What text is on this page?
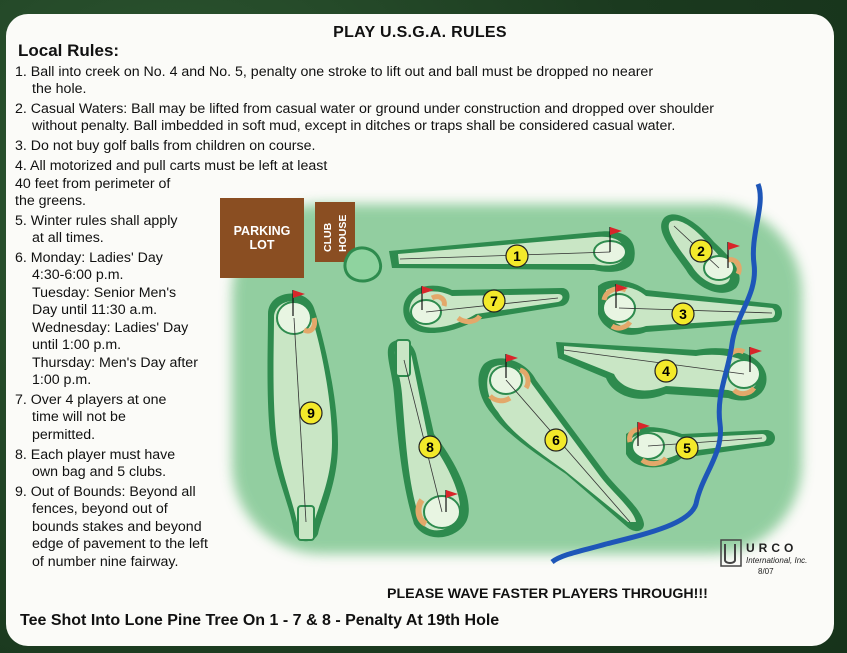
PLAY U.S.G.A. RULES
Local Rules:
1. Ball into creek on No. 4 and No. 5, penalty one stroke to lift out and ball must be dropped no nearer
the hole.
2. Casual Waters: Ball may be lifted from casual water or ground under construction and dropped over shoulder
without penalty. Ball imbedded in soft mud, except in ditches or traps shall be considered casual water.
3. Do not buy golf balls from children on course.
4. All motorized and pull carts must be left at least
40 feet from perimeter of
the greens.
5. Winter rules shall apply
at all times.
6. Monday: Ladies' Day
4:30-6:00 p.m.
Tuesday: Senior Men's
Day until 11:30 a.m.
Wednesday: Ladies' Day
until 1:00 p.m.
Thursday: Men's Day after
1:00 p.m.
7. Over 4 players at one
time will not be
permitted.
8. Each player must have
own bag and 5 clubs.
9. Out of Bounds: Beyond all
fences, beyond out of
bounds stakes and beyond
edge of pavement to the left
of number nine fairway.
PARKING
LOT	CLUB HOUSE
1	2
3
4
5
6
7
8
9
PLEASE WAVE FASTER PLAYERS THROUGH!!!
Tee Shot Into Lone Pine Tree On 1 - 7 & 8 - Penalty At 19th Hole
URCO
International, Inc.
8/07
